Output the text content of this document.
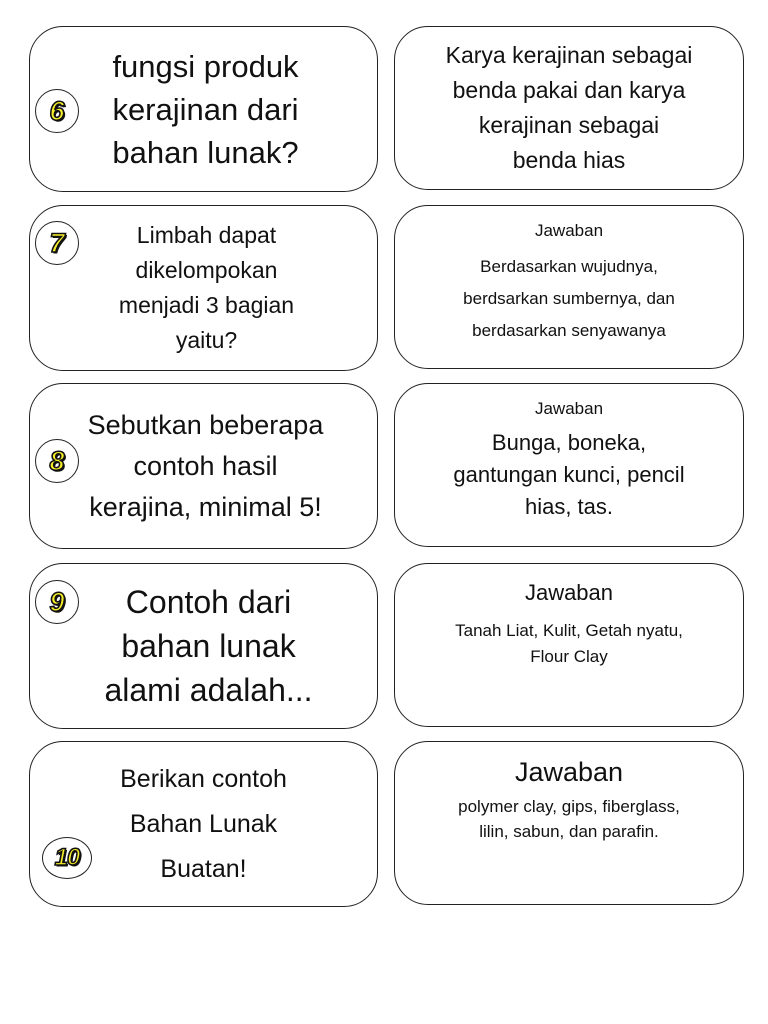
6
fungsi produk
kerajinan dari
bahan lunak?
Karya kerajinan sebagai
benda pakai dan karya
kerajinan sebagai
benda hias
7	Limbah dapat
dikelompokan
menjadi 3 bagian
yaitu?
Jawaban
Berdasarkan wujudnya,
berdsarkan sumbernya, dan
berdasarkan senyawanya
8
Sebutkan beberapa
contoh hasil
kerajina, minimal 5!
Jawaban
Bunga, boneka,
gantungan kunci, pencil
hias, tas.
9 Contoh dari
bahan lunak
alami adalah...
Jawaban
Tanah Liat, Kulit, Getah nyatu,
Flour Clay
10
Berikan contoh
Bahan Lunak
Buatan!
Jawaban
polymer clay, gips, fiberglass,
lilin, sabun, dan parafin.
